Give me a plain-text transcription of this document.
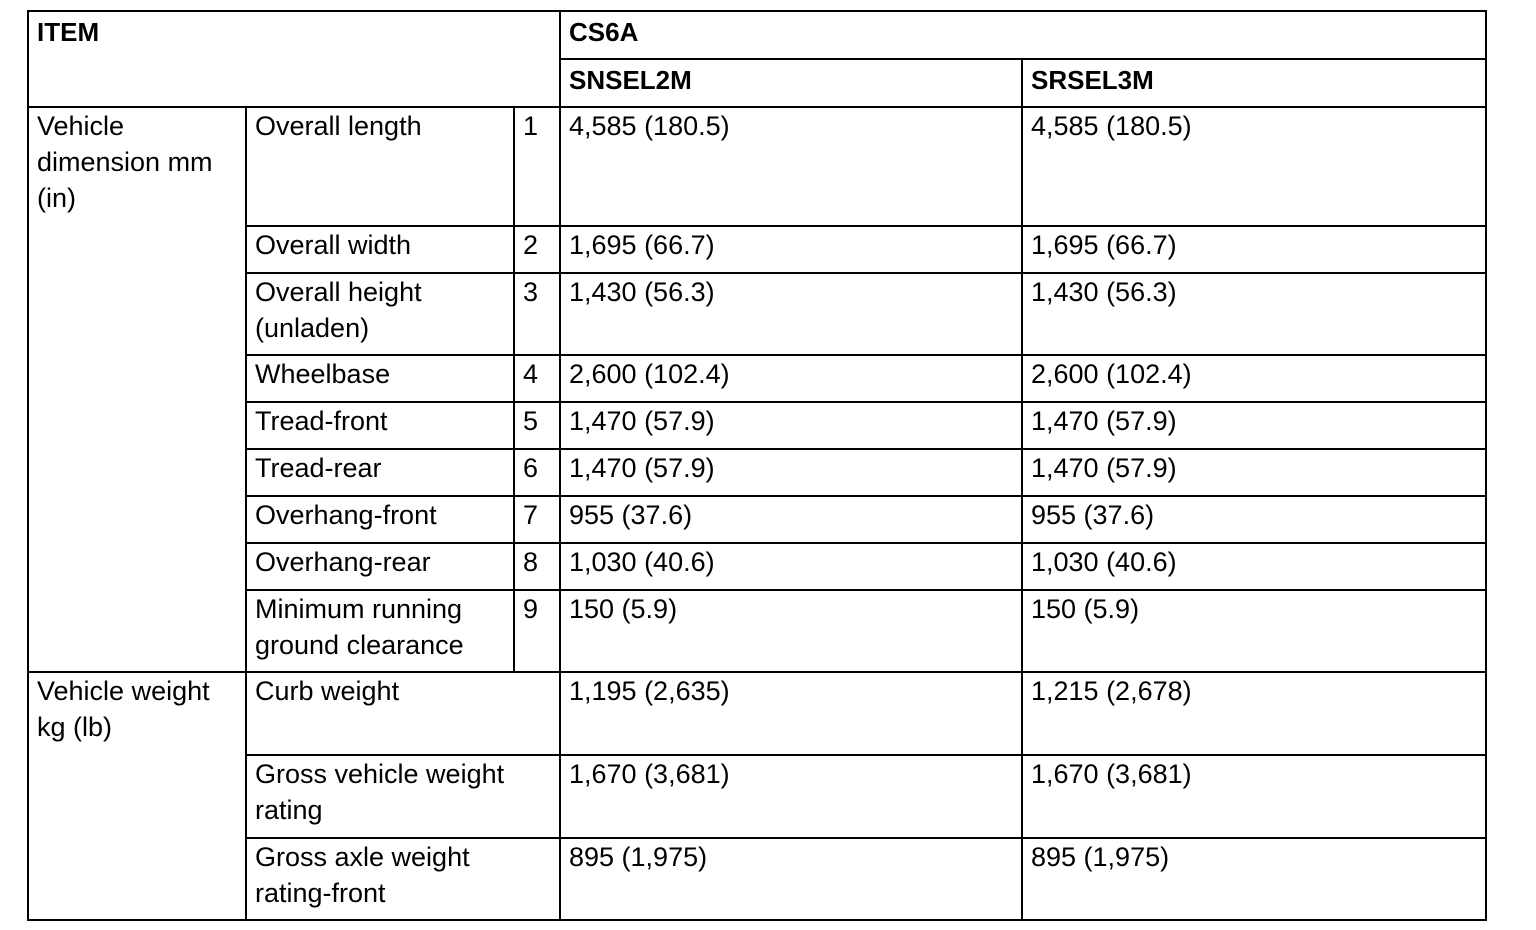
ITEM			CS6A	
			SNSEL2M	SRSEL3M
Vehicle dimension mm (in)	Overall length	1	4,585 (180.5)	4,585 (180.5)
	Overall width	2	1,695 (66.7)	1,695 (66.7)
	Overall height (unladen)	3	1,430 (56.3)	1,430 (56.3)
	Wheelbase	4	2,600 (102.4)	2,600 (102.4)
	Tread-front	5	1,470 (57.9)	1,470 (57.9)
	Tread-rear	6	1,470 (57.9)	1,470 (57.9)
	Overhang-front	7	955 (37.6)	955 (37.6)
	Overhang-rear	8	1,030 (40.6)	1,030 (40.6)
	Minimum running ground clearance	9	150 (5.9)	150 (5.9)
Vehicle weight kg (lb)	Curb weight		1,195 (2,635)	1,215 (2,678)
	Gross vehicle weight rating		1,670 (3,681)	1,670 (3,681)
	Gross axle weight rating-front		895 (1,975)	895 (1,975)
